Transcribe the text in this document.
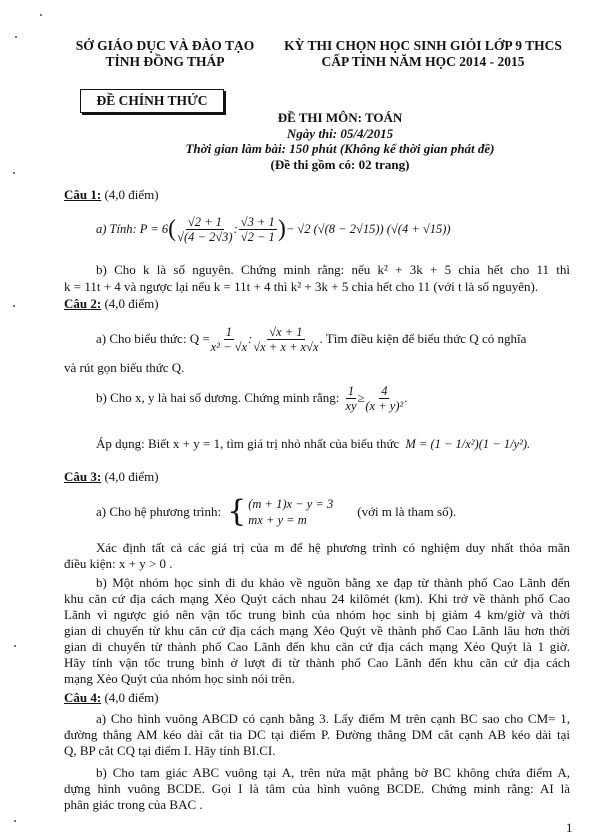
SỞ GIÁO DỤC VÀ ĐÀO TẠO
TỈNH ĐỒNG THÁP
KỲ THI CHỌN HỌC SINH GIỎI LỚP 9 THCS
CẤP TỈNH NĂM HỌC 2014 - 2015
ĐỀ CHÍNH THỨC
ĐỀ THI MÔN: TOÁN
Ngày thi: 05/4/2015
Thời gian làm bài: 150 phút (Không kể thời gian phát đề)
(Đề thi gồm có: 02 trang)
Câu 1: (4,0 điểm)
a) Tính: P = 6 ( $\frac{√2 + 1}{√(4 - 2√3)}$ : $\frac{√3 + 1}{√2 - 1}$ ) − √2 (√(8 − 2√15)) (√(4 + √15))
b) Cho k là số nguyên. Chứng minh rằng: nếu k² + 3k + 5 chia hết cho 11 thì
k = 11t + 4 và ngược lại nếu k = 11t + 4 thì k² + 3k + 5 chia hết cho 11 (với t là số nguyên).
Câu 2: (4,0 điểm)
a) Cho biểu thức: $Q = \frac{1}{\text{x² − √x}}$ : $\frac{√x + 1}{√x + x + x√x}$ . Tìm điều kiện để biểu thức Q có nghĩa
và rút gọn biểu thức Q.
b) Cho x, y là hai số dương. Chứng minh rằng: $\frac{1}{xy} \ge \frac{4}{\text{(x + y)²}}$ .
Áp dụng: Biết x + y = 1, tìm giá trị nhỏ nhất của biểu thức M = (1 − 1/x²)(1 − 1/y²).
Câu 3: (4,0 điểm)
a) Cho hệ phương trình: { (m + 1)x − y = 3
mx + y = m
(với m là tham số).
Xác định tất cả các giá trị của m để hệ phương trình có nghiệm duy nhất thỏa mãn
điều kiện: x + y > 0 .
b) Một nhóm học sinh đi du khảo về nguồn bằng xe đạp từ thành phố Cao Lãnh đến
khu căn cứ địa cách mạng Xẻo Quýt cách nhau 24 kilômét (km). Khi trở về thành phố Cao
Lãnh vì ngược gió nên vận tốc trung bình của nhóm học sinh bị giảm 4 km/giờ và thời
gian di chuyển từ khu căn cứ địa cách mạng Xẻo Quýt về thành phố Cao Lãnh lâu hơn thời
gian di chuyển từ thành phố Cao Lãnh đến khu căn cứ địa cách mạng Xẻo Quýt là 1 giờ.
Hãy tính vận tốc trung bình ở lượt đi từ thành phố Cao Lãnh đến khu căn cứ địa cách
mạng Xẻo Quýt của nhóm học sinh nói trên.
Câu 4: (4,0 điểm)
a) Cho hình vuông ABCD có cạnh bằng 3. Lấy điểm M trên cạnh BC sao cho CM= 1,
đường thẳng AM kéo dài cắt tia DC tại điểm P. Đường thẳng DM cắt cạnh AB kéo dài tại
Q, BP cắt CQ tại điểm I. Hãy tính BI.CI.
b) Cho tam giác ABC vuông tại A, trên nửa mặt phẳng bờ BC không chứa điểm A,
dựng hình vuông BCDE. Gọi I là tâm của hình vuông BCDE. Chứng minh rằng: AI là
phân giác trong của BAC .
1
